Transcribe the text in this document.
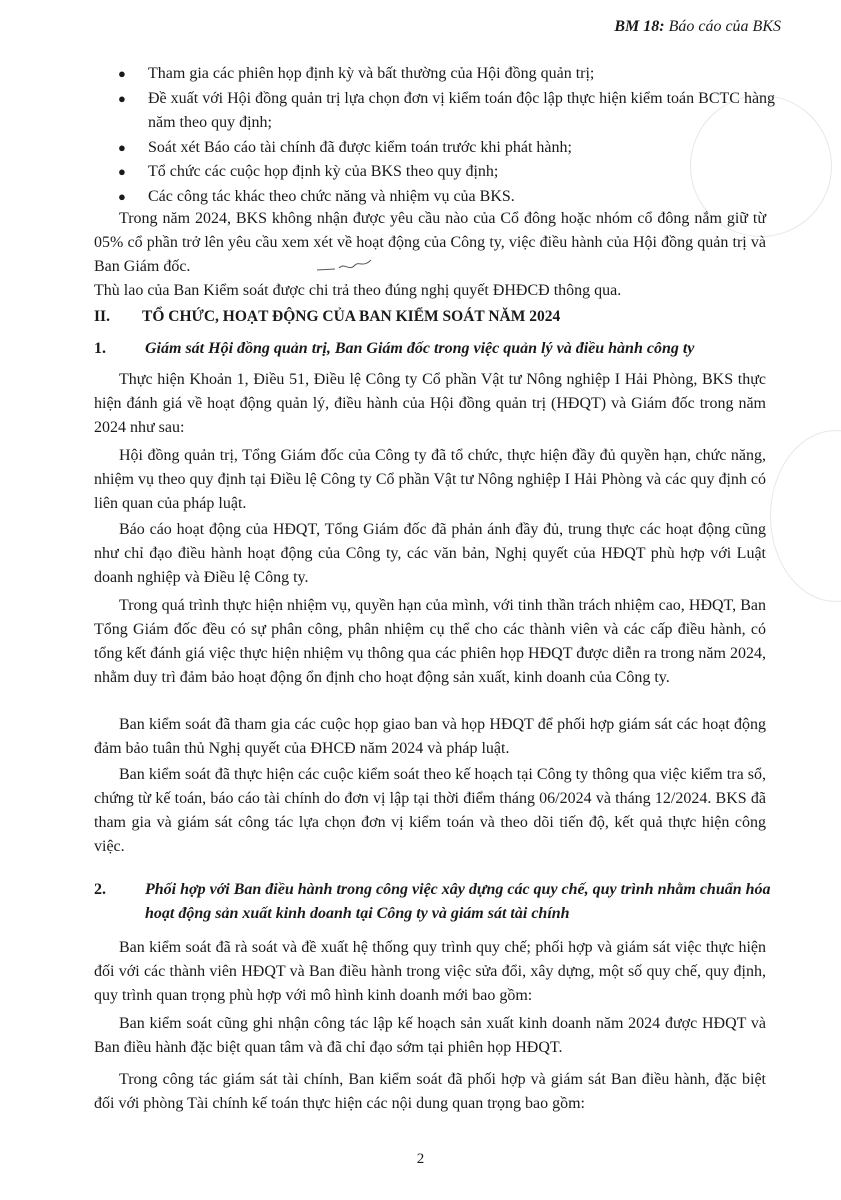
BM 18: Báo cáo của BKS
● Tham gia các phiên họp định kỳ và bất thường của Hội đồng quản trị;
● Đề xuất với Hội đồng quản trị lựa chọn đơn vị kiểm toán độc lập thực hiện kiểm toán BCTC hàng năm theo quy định;
● Soát xét Báo cáo tài chính đã được kiểm toán trước khi phát hành;
● Tổ chức các cuộc họp định kỳ của BKS theo quy định;
● Các công tác khác theo chức năng và nhiệm vụ của BKS.
Trong năm 2024, BKS không nhận được yêu cầu nào của Cổ đông hoặc nhóm cổ đông nắm giữ từ 05% cổ phần trở lên yêu cầu xem xét về hoạt động của Công ty, việc điều hành của Hội đồng quản trị và Ban Giám đốc.
Thù lao của Ban Kiểm soát được chi trả theo đúng nghị quyết ĐHĐCĐ thông qua.
II. TỔ CHỨC, HOẠT ĐỘNG CỦA BAN KIỂM SOÁT NĂM 2024
1.	Giám sát Hội đồng quản trị, Ban Giám đốc trong việc quản lý và điều hành công ty
Thực hiện Khoản 1, Điều 51, Điều lệ Công ty Cổ phần Vật tư Nông nghiệp I Hải Phòng, BKS thực hiện đánh giá về hoạt động quản lý, điều hành của Hội đồng quản trị (HĐQT) và Giám đốc trong năm 2024 như sau:
Hội đồng quản trị, Tổng Giám đốc của Công ty đã tổ chức, thực hiện đầy đủ quyền hạn, chức năng, nhiệm vụ theo quy định tại Điều lệ Công ty Cổ phần Vật tư Nông nghiệp I Hải Phòng và các quy định có liên quan của pháp luật.
Báo cáo hoạt động của HĐQT, Tổng Giám đốc đã phản ánh đầy đủ, trung thực các hoạt động cũng như chỉ đạo điều hành hoạt động của Công ty, các văn bản, Nghị quyết của HĐQT phù hợp với Luật doanh nghiệp và Điều lệ Công ty.
Trong quá trình thực hiện nhiệm vụ, quyền hạn của mình, với tinh thần trách nhiệm cao, HĐQT, Ban Tổng Giám đốc đều có sự phân công, phân nhiệm cụ thể cho các thành viên và các cấp điều hành, có tổng kết đánh giá việc thực hiện nhiệm vụ thông qua các phiên họp HĐQT được diễn ra trong năm 2024, nhằm duy trì đảm bảo hoạt động ổn định cho hoạt động sản xuất, kinh doanh của Công ty.
Ban kiểm soát đã tham gia các cuộc họp giao ban và họp HĐQT để phối hợp giám sát các hoạt động đảm bảo tuân thủ Nghị quyết của ĐHCĐ năm 2024 và pháp luật.
Ban kiểm soát đã thực hiện các cuộc kiểm soát theo kế hoạch tại Công ty thông qua việc kiểm tra sổ, chứng từ kế toán, báo cáo tài chính do đơn vị lập tại thời điểm tháng 06/2024 và tháng 12/2024. BKS đã tham gia và giám sát công tác lựa chọn đơn vị kiểm toán và theo dõi tiến độ, kết quả thực hiện công việc.
2.	Phối hợp với Ban điều hành trong công việc xây dựng các quy chế, quy trình nhằm chuẩn hóa hoạt động sản xuất kinh doanh tại Công ty và giám sát tài chính
Ban kiểm soát đã rà soát và đề xuất hệ thống quy trình quy chế; phối hợp và giám sát việc thực hiện đối với các thành viên HĐQT và Ban điều hành trong việc sửa đổi, xây dựng, một số quy chế, quy định, quy trình quan trọng phù hợp với mô hình kinh doanh mới bao gồm:
Ban kiểm soát cũng ghi nhận công tác lập kế hoạch sản xuất kinh doanh năm 2024 được HĐQT và Ban điều hành đặc biệt quan tâm và đã chỉ đạo sớm tại phiên họp HĐQT.
Trong công tác giám sát tài chính, Ban kiểm soát đã phối hợp và giám sát Ban điều hành, đặc biệt đối với phòng Tài chính kế toán thực hiện các nội dung quan trọng bao gồm:
2
